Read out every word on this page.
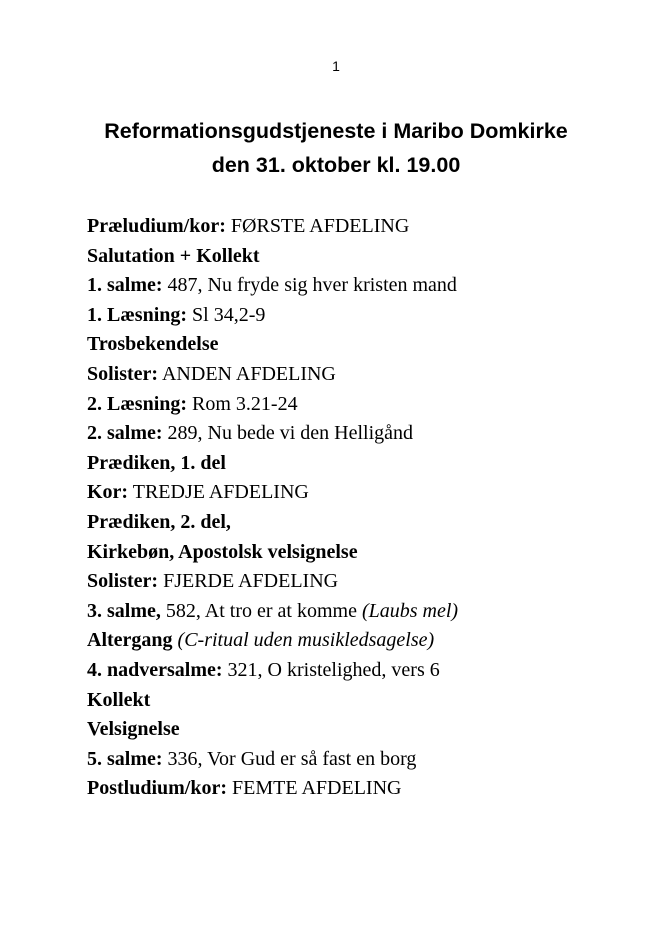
1
Reformationsgudstjeneste i Maribo Domkirke
den 31. oktober kl. 19.00
Præludium/kor: FØRSTE AFDELING
Salutation + Kollekt
1. salme: 487, Nu fryde sig hver kristen mand
1. Læsning: Sl 34,2-9
Trosbekendelse
Solister: ANDEN AFDELING
2. Læsning: Rom 3.21-24
2. salme: 289, Nu bede vi den Helligånd
Prædiken, 1. del
Kor: TREDJE AFDELING
Prædiken, 2. del,
Kirkebøn, Apostolsk velsignelse
Solister: FJERDE AFDELING
3. salme, 582, At tro er at komme (Laubs mel)
Altergang (C-ritual uden musikledsagelse)
4. nadversalme: 321, O kristelighed, vers 6
Kollekt
Velsignelse
5. salme: 336, Vor Gud er så fast en borg
Postludium/kor: FEMTE AFDELING
